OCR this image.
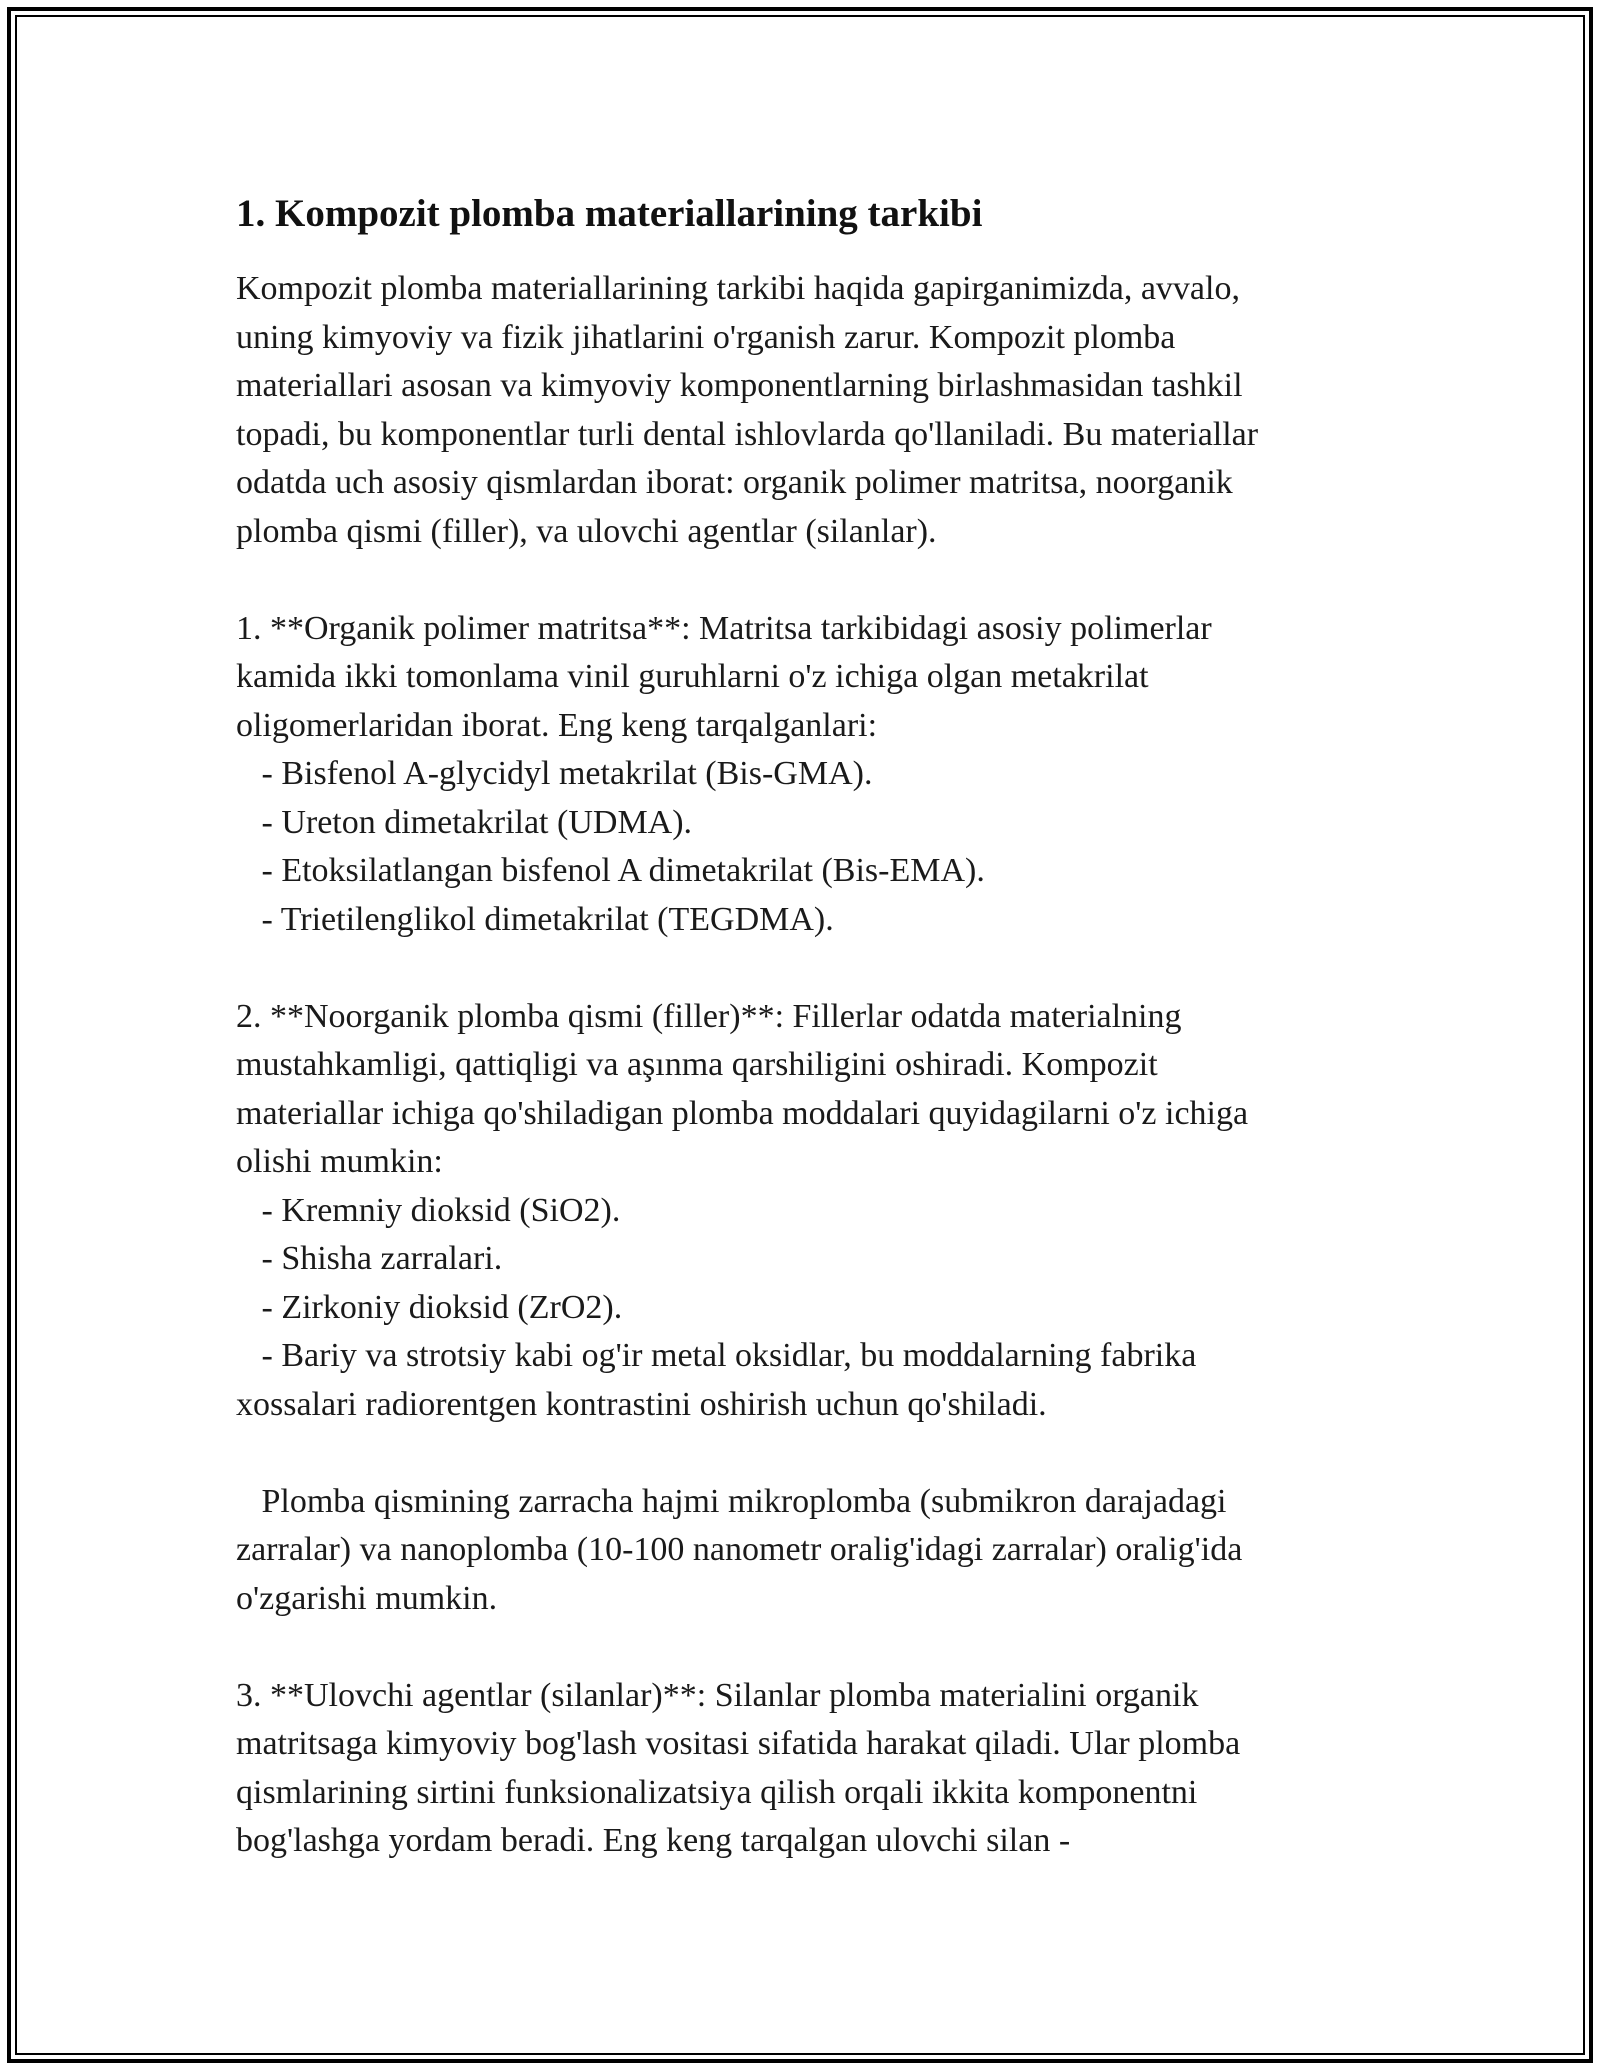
1. Kompozit plomba materiallarining tarkibi

Kompozit plomba materiallarining tarkibi haqida gapirganimizda, avvalo,

uning kimyoviy va fizik jihatlarini o'rganish zarur. Kompozit plomba

materiallari asosan va kimyoviy komponentlarning birlashmasidan tashkil

topadi, bu komponentlar turli dental ishlovlarda qo'llaniladi. Bu materiallar

odatda uch asosiy qismlardan iborat: organik polimer matritsa, noorganik

plomba qismi (filler), va ulovchi agentlar (silanlar).

1. **Organik polimer matritsa**: Matritsa tarkibidagi asosiy polimerlar

kamida ikki tomonlama vinil guruhlarni o'z ichiga olgan metakrilat

oligomerlaridan iborat. Eng keng tarqalganlari:

- Bisfenol A-glycidyl metakrilat (Bis-GMA).

- Ureton dimetakrilat (UDMA).

- Etoksilatlangan bisfenol A dimetakrilat (Bis-EMA).

- Trietilenglikol dimetakrilat (TEGDMA).

2. **Noorganik plomba qismi (filler)**: Fillerlar odatda materialning

mustahkamligi, qattiqligi va aşınma qarshiligini oshiradi. Kompozit

materiallar ichiga qo'shiladigan plomba moddalari quyidagilarni o'z ichiga

olishi mumkin:

- Kremniy dioksid (SiO2).

- Shisha zarralari.

- Zirkoniy dioksid (ZrO2).

- Bariy va strotsiy kabi og'ir metal oksidlar, bu moddalarning fabrika

xossalari radiorentgen kontrastini oshirish uchun qo'shiladi.

Plomba qismining zarracha hajmi mikroplomba (submikron darajadagi

zarralar) va nanoplomba (10-100 nanometr oralig'idagi zarralar) oralig'ida

o'zgarishi mumkin.

3. **Ulovchi agentlar (silanlar)**: Silanlar plomba materialini organik

matritsaga kimyoviy bog'lash vositasi sifatida harakat qiladi. Ular plomba

qismlarining sirtini funksionalizatsiya qilish orqali ikkita komponentni

bog'lashga yordam beradi. Eng keng tarqalgan ulovchi silan -
